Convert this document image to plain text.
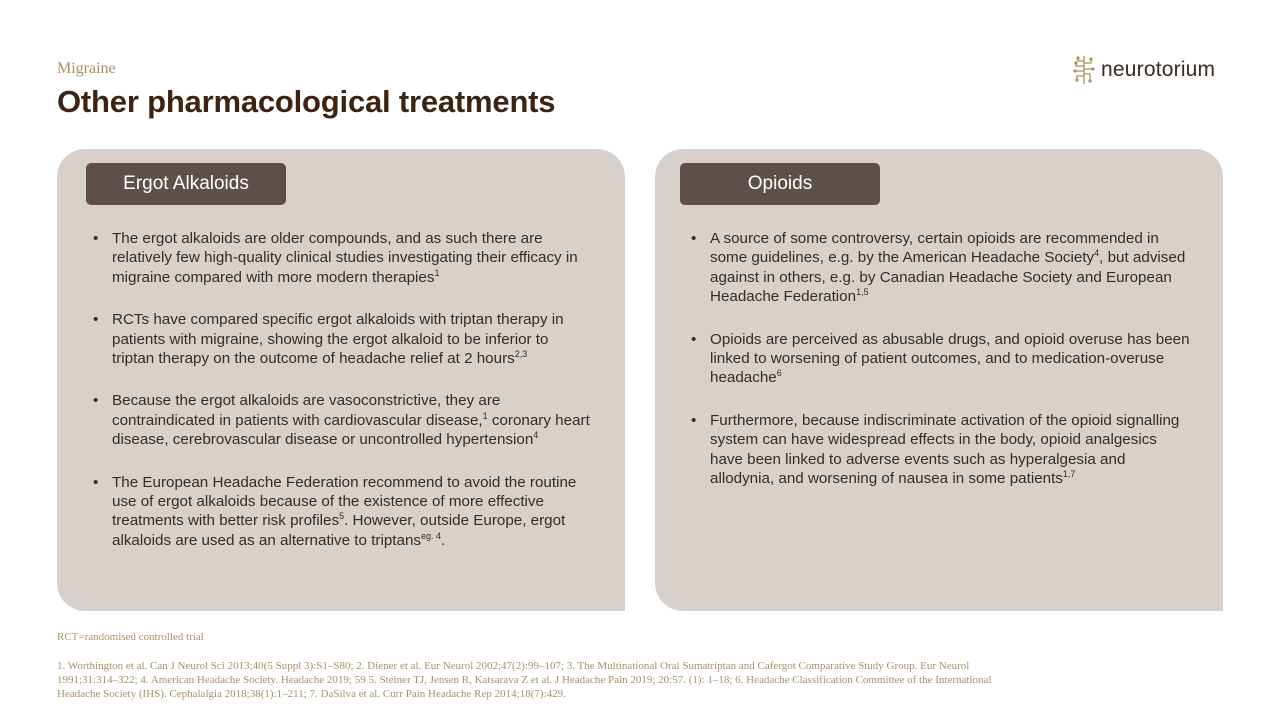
Migraine
Other pharmacological treatments
neurotorium
Ergot Alkaloids
• The ergot alkaloids are older compounds, and as such there are relatively few high-quality clinical studies investigating their efficacy in migraine compared with more modern therapies$^1$
• RCTs have compared specific ergot alkaloids with triptan therapy in patients with migraine, showing the ergot alkaloid to be inferior to triptan therapy on the outcome of headache relief at 2 hours$^{2,3}$
• Because the ergot alkaloids are vasoconstrictive, they are contraindicated in patients with cardiovascular disease,$^1$ coronary heart disease, cerebrovascular disease or uncontrolled hypertension$^4$
• The European Headache Federation recommend to avoid the routine use of ergot alkaloids because of the existence of more effective treatments with better risk profiles$^5$. However, outside Europe, ergot alkaloids are used as an alternative to triptans$^{eg. 4}$.
Opioids
• A source of some controversy, certain opioids are recommended in some guidelines, e.g. by the American Headache Society$^4$, but advised against in others, e.g. by Canadian Headache Society and European Headache Federation$^{1,5}$
• Opioids are perceived as abusable drugs, and opioid overuse has been linked to worsening of patient outcomes, and to medication-overuse headache$^6$
• Furthermore, because indiscriminate activation of the opioid signalling system can have widespread effects in the body, opioid analgesics have been linked to adverse events such as hyperalgesia and allodynia, and worsening of nausea in some patients$^{1,7}$
RCT=randomised controlled trial
1. Worthington et al. Can J Neurol Sci 2013;40(5 Suppl 3):S1–S80; 2. Diener et al. Eur Neurol 2002;47(2):99–107; 3. The Multinational Oral Sumatriptan and Cafergot Comparative Study Group. Eur Neurol 1991;31:314–322; 4. American Headache Society. Headache 2019; 59 5. Steiner TJ, Jensen R, Katsarava Z et al. J Headache Pain 2019; 20:57. (1): 1–18; 6. Headache Classification Committee of the International Headache Society (IHS). Cephalalgia 2018;38(1):1–211; 7. DaSilva et al. Curr Pain Headache Rep 2014;18(7):429.
